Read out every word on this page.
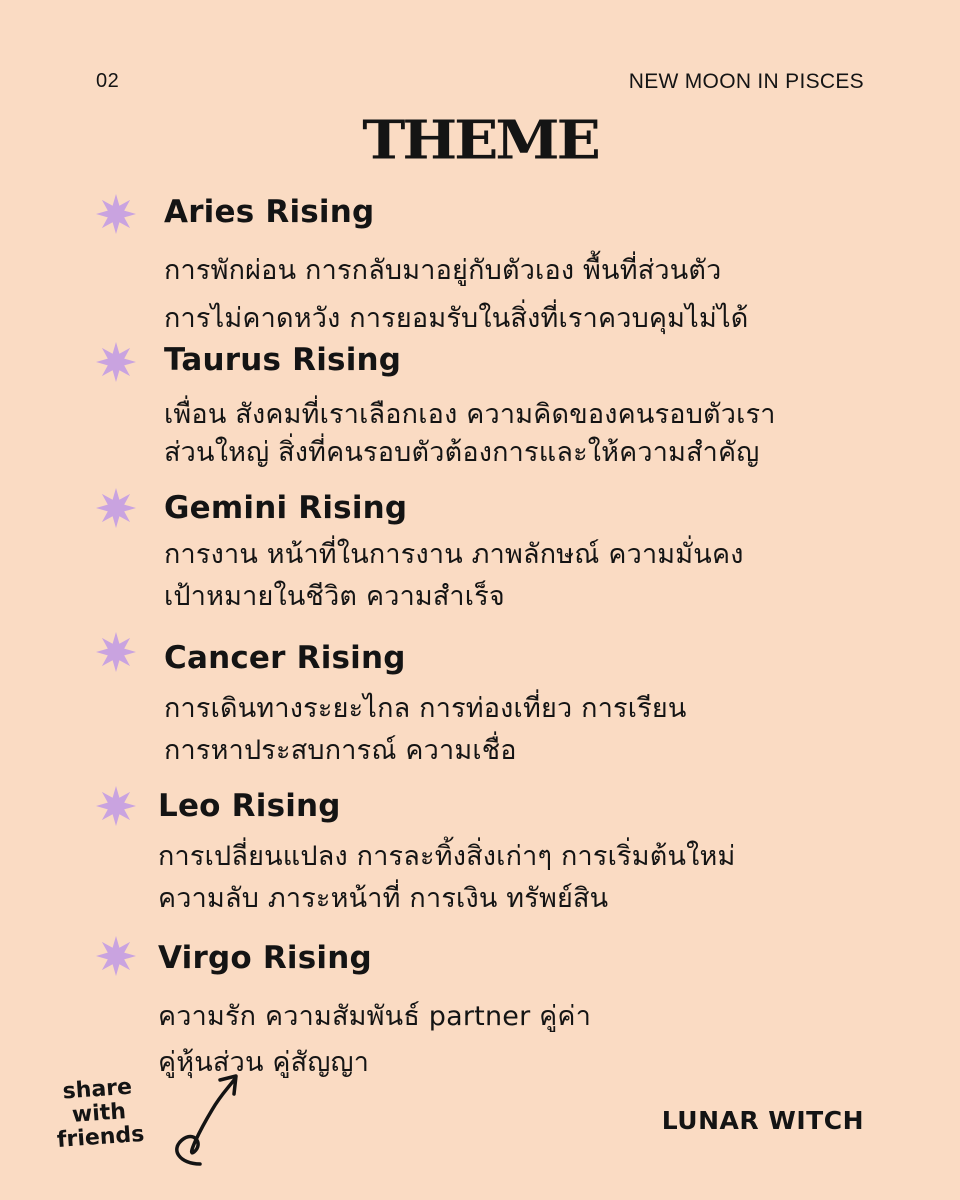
02	NEW MOON IN PISCES
THEME
Aries Rising
การพักผ่อน การกลับมาอยู่กับตัวเอง พื้นที่ส่วนตัว
การไม่คาดหวัง การยอมรับในสิ่งที่เราควบคุมไม่ได้
Taurus Rising
เพื่อน สังคมที่เราเลือกเอง ความคิดของคนรอบตัวเรา
ส่วนใหญ่ สิ่งที่คนรอบตัวต้องการและให้ความสำคัญ
Gemini Rising
การงาน หน้าที่ในการงาน ภาพลักษณ์ ความมั่นคง
เป้าหมายในชีวิต ความสำเร็จ
Cancer Rising
การเดินทางระยะไกล การท่องเที่ยว การเรียน
การหาประสบการณ์ ความเชื่อ
Leo Rising
การเปลี่ยนแปลง การละทิ้งสิ่งเก่าๆ การเริ่มต้นใหม่
ความลับ ภาระหน้าที่ การเงิน ทรัพย์สิน
Virgo Rising
ความรัก ความสัมพันธ์ partner คู่ค่า
คู่หุ้นส่วน คู่สัญญา
share
with
friends
LUNAR WITCH
